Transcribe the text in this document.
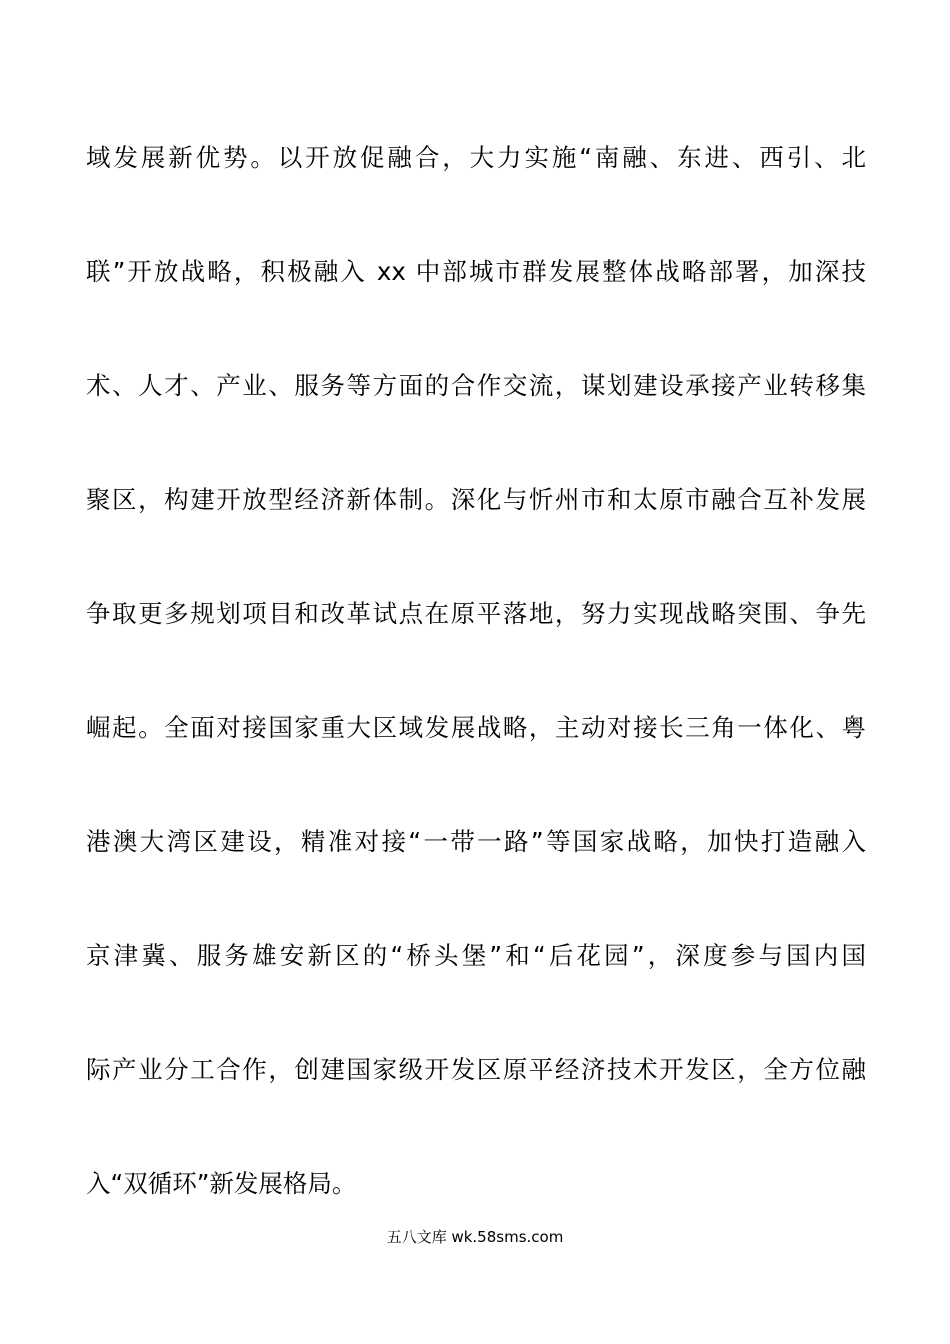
域发展新优势。以开放促融合，大力实施“南融、东进、西引、北
联”开放战略，积极融入 xx 中部城市群发展整体战略部署，加深技
术、人才、产业、服务等方面的合作交流，谋划建设承接产业转移集
聚区，构建开放型经济新体制。深化与忻州市和太原市融合互补发展
争取更多规划项目和改革试点在原平落地，努力实现战略突围、争先
崛起。全面对接国家重大区域发展战略，主动对接长三角一体化、粤
港澳大湾区建设，精准对接“一带一路”等国家战略，加快打造融入
京津冀、服务雄安新区的“桥头堡”和“后花园”，深度参与国内国
际产业分工合作，创建国家级开发区原平经济技术开发区，全方位融
入“双循环”新发展格局。
五八文库 wk.58sms.com
